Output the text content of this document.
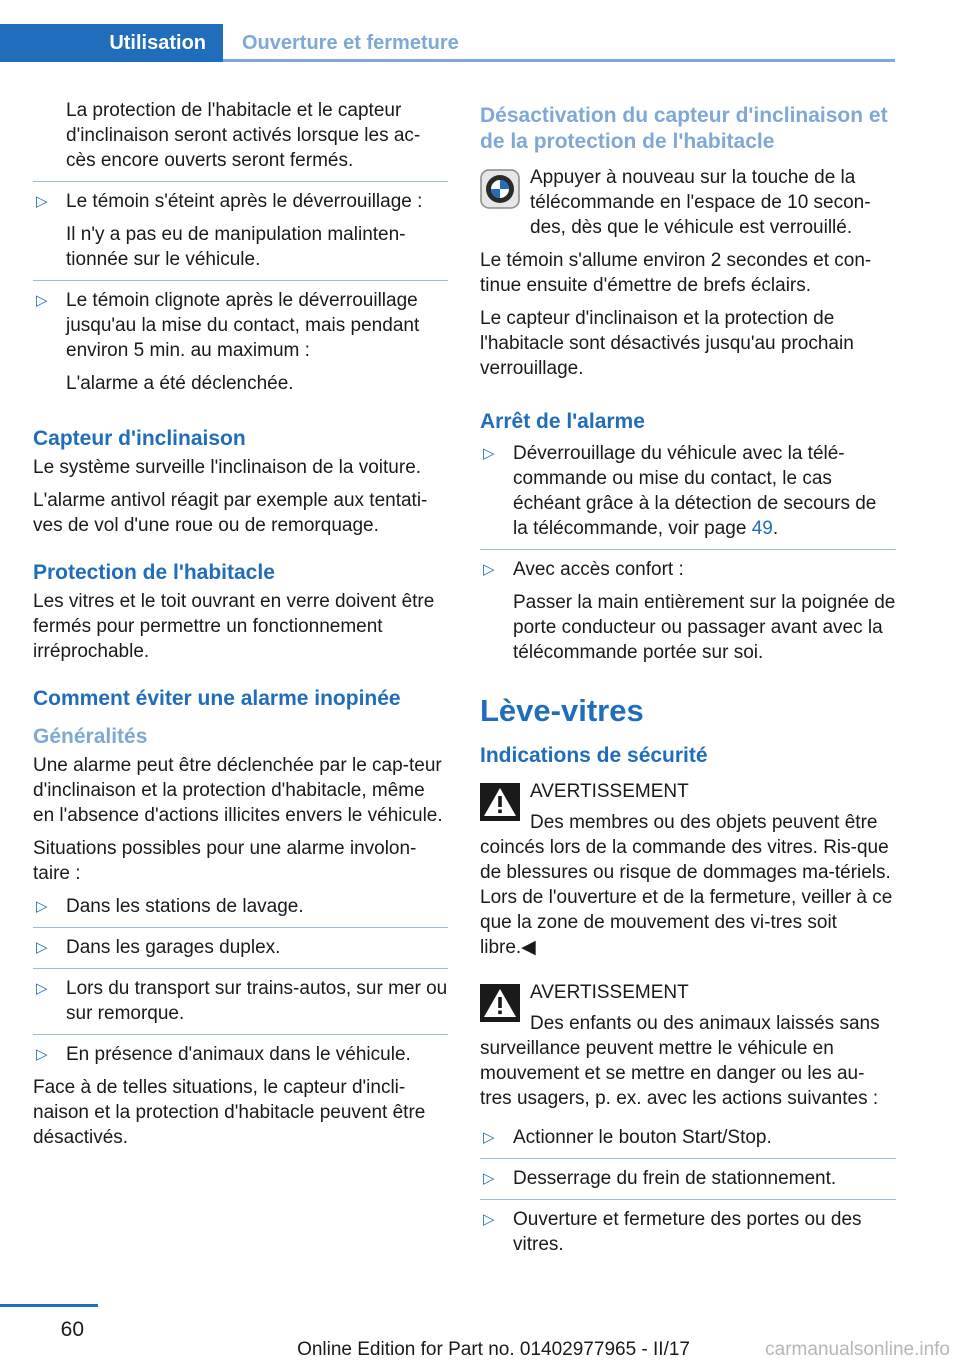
Utilisation	Ouverture et fermeture

La protection de l'habitacle et le capteur d'inclinaison seront activés lorsque les ac‐cès encore ouverts seront fermés.

▷ Le témoin s'éteint après le déverrouillage :

Il n'y a pas eu de manipulation malinten‐tionnée sur le véhicule.

▷ Le témoin clignote après le déverrouillage jusqu'au la mise du contact, mais pendant environ 5 min. au maximum :

L'alarme a été déclenchée.

Capteur d'inclinaison

Le système surveille l'inclinaison de la voiture.

L'alarme antivol réagit par exemple aux tentati‐ves de vol d'une roue ou de remorquage.

Protection de l'habitacle

Les vitres et le toit ouvrant en verre doivent être fermés pour permettre un fonctionnement irréprochable.

Comment éviter une alarme inopinée
Généralités

Une alarme peut être déclenchée par le cap‐teur d'inclinaison et la protection d'habitacle, même en l'absence d'actions illicites envers le véhicule.

Situations possibles pour une alarme involon‐taire :

▷ Dans les stations de lavage.
▷ Dans les garages duplex.
▷ Lors du transport sur trains-autos, sur mer ou sur remorque.
▷ En présence d'animaux dans le véhicule.

Face à de telles situations, le capteur d'incli‐naison et la protection d'habitacle peuvent être désactivés.

Désactivation du capteur d'inclinaison et de la protection de l'habitacle

Appuyer à nouveau sur la touche de la télécommande en l'espace de 10 secon‐des, dès que le véhicule est verrouillé.

Le témoin s'allume environ 2 secondes et con‐tinue ensuite d'émettre de brefs éclairs.

Le capteur d'inclinaison et la protection de l'habitacle sont désactivés jusqu'au prochain verrouillage.

Arrêt de l'alarme
▷ Déverrouillage du véhicule avec la télé‐commande ou mise du contact, le cas échéant grâce à la détection de secours de la télécommande, voir page 49.
▷ Avec accès confort :

Passer la main entièrement sur la poignée de porte conducteur ou passager avant avec la télécommande portée sur soi.

Lève-vitres
Indications de sécurité

AVERTISSEMENT

Des membres ou des objets peuvent être coincés lors de la commande des vitres. Ris‐que de blessures ou risque de dommages ma‐tériels. Lors de l'ouverture et de la fermeture, veiller à ce que la zone de mouvement des vi‐tres soit libre.◀

AVERTISSEMENT

Des enfants ou des animaux laissés sans surveillance peuvent mettre le véhicule en mouvement et se mettre en danger ou les au‐tres usagers, p. ex. avec les actions suivantes :

▷ Actionner le bouton Start/Stop.
▷ Desserrage du frein de stationnement.
▷ Ouverture et fermeture des portes ou des vitres.
60
Online Edition for Part no. 01402977965 - II/17	carmanualsonline.info
